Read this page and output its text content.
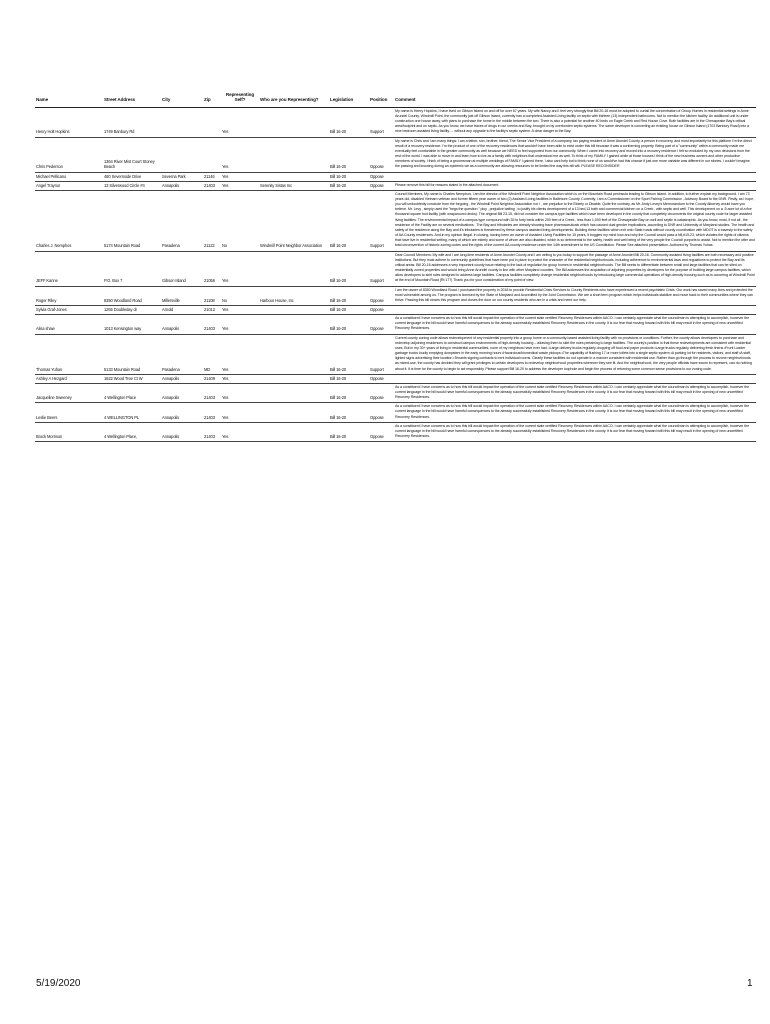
Name	Street Address	City	Zip	Representing Self?	Who are you Representing?	Legislation	Position	Comment
Henry Holt Hopkins	1749 Banbury Rd			Yes		Bill 16-20	Support	My name is Henry Hopkins, I have lived on Gibson Island on and off for over 67 years. My wife Nancy and I feel very strongly that Bill 20-16 must be adopted to curtail the concentration of Group Homes in residential settings in Anne Arundel County. Windmill Point, the community just off Gibson Island, currently has a completed Assisted Living facility on septic with thirteen (13) independent bathrooms. Not to mention the kitchen facility. An additional unit is under construction one house away, with plans to purchase the home in the middle between the two. There is also a potential for another 40 beds on Eagle Creek and Red House Cove. Both facilities are in the Chesapeake Bay's critical area/footprint and on septic. As you know, we have traces of drugs in our creeks and Bay, brought on by overburden septic systems. The same developer is converting an existing house on Gibson Island (1703 Banbury Road) into a nine bedroom assisted living facility..... without any upgrade to the facility's septic system. A clear danger to the Bay.
Chris Pederson	1364 River Mist Court Stoney Beach			Yes		Bill 16-20	Oppose	My name is Chris and I am many things: I am a father, son, brother, friend, The Senior Vice President of a company, tax paying resident of Anne Arundel County, a person in recovery, and most importantly for this platform I'm the direct result of a recovery residence. I'm the product of one of the recovery residences that wouldn't have been able to exist under this bill because it was a conforming property. Being part of a "community" within a community made me eventually feel comfortable in the greater community as well because we NEED to feel supported from our community. When I came into recovery and moved into a recovery residence I felt so excluded by my own decisions from the rest of the world. I was able to move in and learn how to live as a family with neighbors that understood me as well. To think of my FAMILY I gained while at those houses I think of the new business owners and other productive members of society. I think of being a groomsman at multiple weddings of FAMILY I gained there. I also cant help but to think none of us would've had this chance if just one more variable was different in our stories. I couldn't imagine the passing and knowing during an epidemic we as a community are allowing resources to be limited the way this bill will. PLEASE RECONSIDER
Michael Pellicano	460 Severnside Drive	Severna Park	21146	Yes		Bill 16-20	Oppose	
Angel Traynor	13 Silverwood Circle #4	Annapolis	21403	Yes	Serenity Sistas Inc	Bill 16-20	Oppose	Please remove this bill for reasons stated in the attached document.
Charles J. Nemphos	5174 Mountain Road	Pasadena	21122	No	Windmill Point Neighbor Association	Bill 16-20	Support	Council Members, My name is Charles Nemphos, I am the director of the Windmill Point Neighbor Association which is on the Mountain Road peninsula leading to Gibson Island. In addition, to further explain my background, I am 73 years old, disabled Vietnam veteran and former fifteen year owner of two (2) Assisted Living facilities in Baltimore County. Currently, I am a Commissioner on the Sport Fishing Commission , Advisory Board to the DNR. Firstly, as I hope, you will undoubtedly conclude from the forgoing , the Windmill Point Neighbor Association nor I , are prejudice to the Elderly or Disable. Quite the contrary, as Mr. Andy Levey's Memorandum to the County Attorney would have you believe. Mr. Levy , simply used the "begs the question " ploy , prejudice baiting , to justify his clients development of a 13 bed,13 bath and commercial kitchen on a Creek , with septic and well. This development on a .5 acre lot of a five thousand square foot facility (with wraparound decks). The original Bill 23-15, did not consider the campus type facilities which have been developed in the county that completely circumvents the original county code for larger assisted living facilities. The environmental impact of a campus type compound with 35 to forty beds within 200 feet of a Creek , less than 1,000 feet of the Chesapeake Bay on well and septic is catastrophic. As you know, most, if not all , the residence of the Facility are on several medications . The Bay and tributaries are already showing trace pharmaceuticals which has caused dual gender implications ,according to DNR and University of Maryland studies. The health and safety of the residence along the Bay and it's tributaries is threatened by these campus assisted living developments. Building these facilities which exit onto State roads without county coordination with MDOT is a travesty to the safety of AA County residences. And,in my opinion illegal. In closing, having been an owner of Assisted Living Facilities for 15 years, it boggles my mind how and why the Council would pass a bill,#15-23, which violates the rights of citizens that have live in residential setting, many of which are elderly and some of whom are also disabled, which is so detrimental to the safety, health and well being of the very people the Council purports to assist. Not to mention the utter and total circumvention of historic zoning codes and the rights of the current AA county residence under the 14th amendment to the US Constitution. Please See attached presentation. Authored by Thomas Yuhas .
JEFF Kanne	P.O. Box 7	Gibson Island	21056	Yes		Bill 16-20	Support	Dear Council Members: My wife and I are long-time residents of Anne Arundel County and I am writing to you today to support the passage of Anne Arundel Bill 20-16. Community assisted living facilities are both necessary and positive institutions. But they must adhere to community guidelines that have been put in place to protect the character of the residential neighborhoods, including adherence to environmental laws and regulations to protect the Bay and its critical areas. Bill 20-16 addresses a very important county issue relating to the lack of regulation for group homes in residential neighborhoods. The Bill seeks to differentiate between small and large facilities that can be sited on residentially zoned properties and would bring Anne Arundel county in line with other Maryland counties. The Bill addresses the acquisition of adjoining properties by developers for the purpose of building large campus facilities, which allow developers to skirt rules designed to address large facilities. Campus facilities completely change residential neighborhoods by introducing large commercial operations of high-density housing such as is occurring at Windmill Point at the end of Mountain Road (Rt 177) Thank you for your consideration of my point of view.
Roger Riley	8350 Woodland Road	Millersville	21108	No	Harbour House, Inc	Bill 16-20	Oppose	I am the owner of 8350 Woodland Road. I purchased the property in 2018 to provide Residential Crisis Services to County Residents who have experienced a recent psychiatric Crisis. Our work has saved many lives and protected the most vulnerable among us. The program is licensed by the State of Maryland and Accredited by the Joint Commission. We are a short term program which helps individuals stabilize and move back to their communities where they can thrive. Passing this bill closes this program and closes the door on our county residents who are in a crisis and need our help.
Sylvia Graf-Jones	1265 Doubleday dr	Arnold	21012	Yes		Bill 16-20	Oppose	
Alisa shaw	1013 Kensington way	Annapolis	21403	Yes		Bill 16-20	Oppose	As a constituent I have concerns as to how this bill would impact the operation of the current state certified Recovery Residences within AACO. I can certainly appreciate what the councilman is attempting to accomplish, however the current language in the bill would have harmful consequences to the already successfully established Recovery Residences in the county. It is our fear that moving forward with this bill may result in the opening of new uncertified Recovery Residences.
Thomas Yuhas	5133 Mountain Road	Pasadena	MD	Yes		Bill 16-20	Support	Current county zoning code allows redevelopment of any residential property into a group home or a community-based assisted living facility with no provisions or conditions. Further, the county allows developers to purchase and redevelop adjoining residences to construct campus environments of high-density housing – allowing them to skirt the rules pertaining to large facilities. The county's position is that these redevelopments are consistent with residential uses. But in my 30+ years of living in residential communities, none of my neighbors have ever had: •Large delivery trucks regularly dropping off food and paper products •Large trucks regularly delivering fresh linens •Front Loader garbage trucks loudly emptying dumpsters in the early morning hours •Hazardous/biomedical waste pickups •The capability of flushing 17 or more toilets into a single septic system •A parking lot for residents, visitors, and staff •A staff, lighted signs advertising their location •Tenants signing contracts to rent individual rooms. Clearly these facilities do not operate in a manner consistent with residential use. Rather than go through the process to rezone neighborhoods as mixed-use, the county has decided they will grant privileges to certain developers to redevelop neighborhood properties wherever they see fit. And the neighborhood, the very people officials have sworn to represent, can do nothing about it. It is time for the county to begin to act responsibly. Please support Bill 16-20 to address the developer loophole and begin the process of returning some common sense provisions to our zoning code.
Ashley A Hezgard	1622 Wood Tree Ct W	Annapolis	21409	Yes		Bill 16-20	Oppose	
Jacqueline Sweeney	4 Wellington Place	Annapolis	21403	Yes		Bill 16-20	Oppose	As a constituent I have concerns as to how this bill would impact the operation of the current state certified Recovery Residences within AACO. I can certainly appreciate what the councilman is attempting to accomplish, however the current language in the bill would have harmful consequences to the already successfully established Recovery Residences in the county. It is our fear that moving forward with this bill may result in the opening of new uncertified Recovery Residences.
Leslie Beers	4 WELLINGTON PL	Annapolis	21403	Yes		Bill 16-20	Oppose	As a constituent I have concerns as to how this bill would impact the operation of the current state certified Recovery Residences within AACO. I can certainly appreciate what the councilman is attempting to accomplish, however the current language in the bill would have harmful consequences to the already successfully established Recovery Residences in the county. It is our fear that moving forward with this bill may result in the opening of new uncertified Recovery Residences.
Brock Morrison	4 Wellington Place,	Annapolis	21403	Yes		Bill 16-20	Oppose	As a constituent I have concerns as to how this bill would impact the operation of the current state certified Recovery Residences within AACO. I can certainly appreciate what the councilman is attempting to accomplish, however the current language in the bill would have harmful consequences to the already successfully established Recovery Residences in the county. It is our fear that moving forward with this bill may result in the opening of new uncertified Recovery Residences.
5/19/2020	1
